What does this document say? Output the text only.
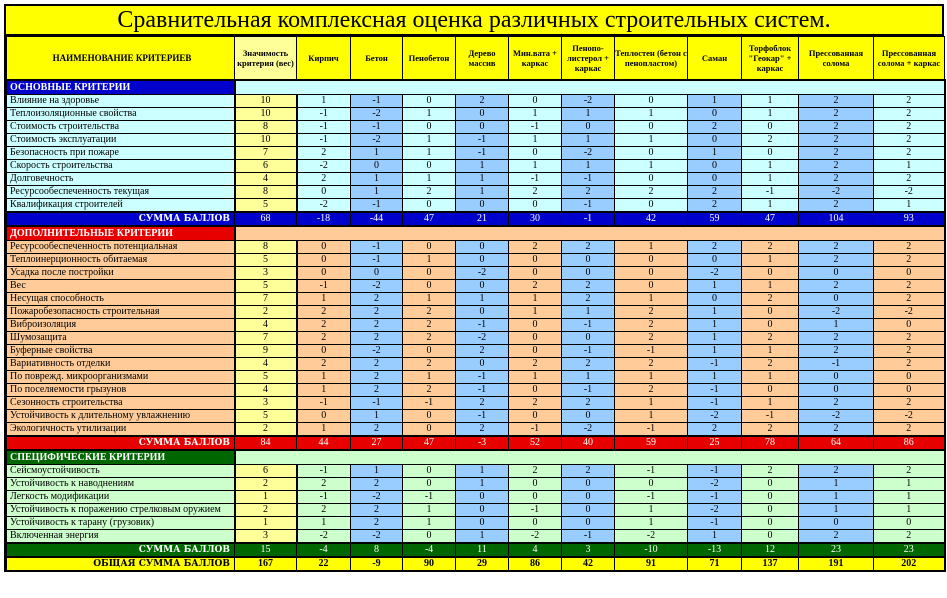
Сравнительная комплексная оценка различных строительных систем.
НАИМЕНОВАНИЕ КРИТЕРИЕВ	Значимость критерия (вес)	Кирпич	Бетон	Пенобетон	Дерево массив	Мин.вата + каркас	Пенопо-листерол + каркас	Теплостен (бетон с пенопластом)	Саман	Торфоблок "Геокар" + каркас	Прессованная солома	Прессованная солома + каркас
ОСНОВНЫЕ КРИТЕРИИ												
Влияние на здоровье	10	1	-1	0	2	0	-2	0	1	1	2	2
Теплоизоляционные свойства	10	-1	-2	1	0	1	1	1	0	1	2	2
Стоимость строительства	8	-1	-1	0	0	-1	0	0	2	0	2	2
Стоимость эксплуатации	10	-1	-2	1	-1	1	1	1	0	2	2	2
Безопасность при пожаре	7	2	1	1	-1	0	-2	0	1	0	2	2
Скорость строительства	6	-2	0	0	1	1	1	1	0	1	2	1
Долговечность	4	2	1	1	1	-1	-1	0	0	1	2	2
Ресурсообеспеченность текущая	8	0	1	2	1	2	2	2	2	-1	-2	-2
Квалификация строителей	5	-2	-1	0	0	0	-1	0	2	1	2	1
СУММА БАЛЛОВ	68	-18	-44	47	21	30	-1	42	59	47	104	93
ДОПОЛНИТЕЛЬНЫЕ КРИТЕРИИ												
Ресурсообеспеченность потенциальная	8	0	-1	0	0	2	2	1	2	2	2	2
Теплоинерционность обитаемая	5	0	-1	1	0	0	0	0	0	1	2	2
Усадка после постройки	3	0	0	0	-2	0	0	0	-2	0	0	0
Вес	5	-1	-2	0	0	2	2	0	1	1	2	2
Несущая способность	7	1	2	1	1	1	2	1	0	2	0	2
Пожаробезопасность строительная	2	2	2	2	0	1	1	2	1	0	-2	-2
Виброизоляция	4	2	2	2	-1	0	-1	2	1	0	1	0
Шумозащита	7	2	2	2	-2	0	0	2	1	2	2	2
Буферные свойства	9	0	-2	0	2	0	-1	-1	1	1	2	2
Вариативность отделки	4	2	2	2	0	2	2	2	-1	2	-1	2
По поврежд. микроорганизмами	5	1	2	1	-1	1	1	1	1	1	0	0
По поселяемости грызунов	4	1	2	2	-1	0	-1	2	-1	0	0	0
Сезонность строительства	3	-1	-1	-1	2	2	2	1	-1	1	2	2
Устойчивость к длительному увлажнению	5	0	1	0	-1	0	0	1	-2	-1	-2	-2
Экологичность утилизации	2	1	2	0	2	-1	-2	-1	2	2	2	2
СУММА БАЛЛОВ	84	44	27	47	-3	52	40	59	25	78	64	86
СПЕЦИФИЧЕСКИЕ КРИТЕРИИ												
Сейсмоустойчивость	6	-1	1	0	1	2	2	-1	-1	2	2	2
Устойчивость к наводнениям	2	2	2	0	1	0	0	0	-2	0	1	1
Легкость модификации	1	-1	-2	-1	0	0	0	-1	-1	0	1	1
Устойчивость к поражению стрелковым оружием	2	2	2	1	0	-1	0	1	-2	0	1	1
Устойчивость к тарану (грузовик)	1	1	2	1	0	0	0	1	-1	0	0	0
Включенная энергия	3	-2	-2	0	1	-2	-1	-2	1	0	2	2
СУММА БАЛЛОВ	15	-4	8	-4	11	4	3	-10	-13	12	23	23
ОБЩАЯ СУММА БАЛЛОВ	167	22	-9	90	29	86	42	91	71	137	191	202
